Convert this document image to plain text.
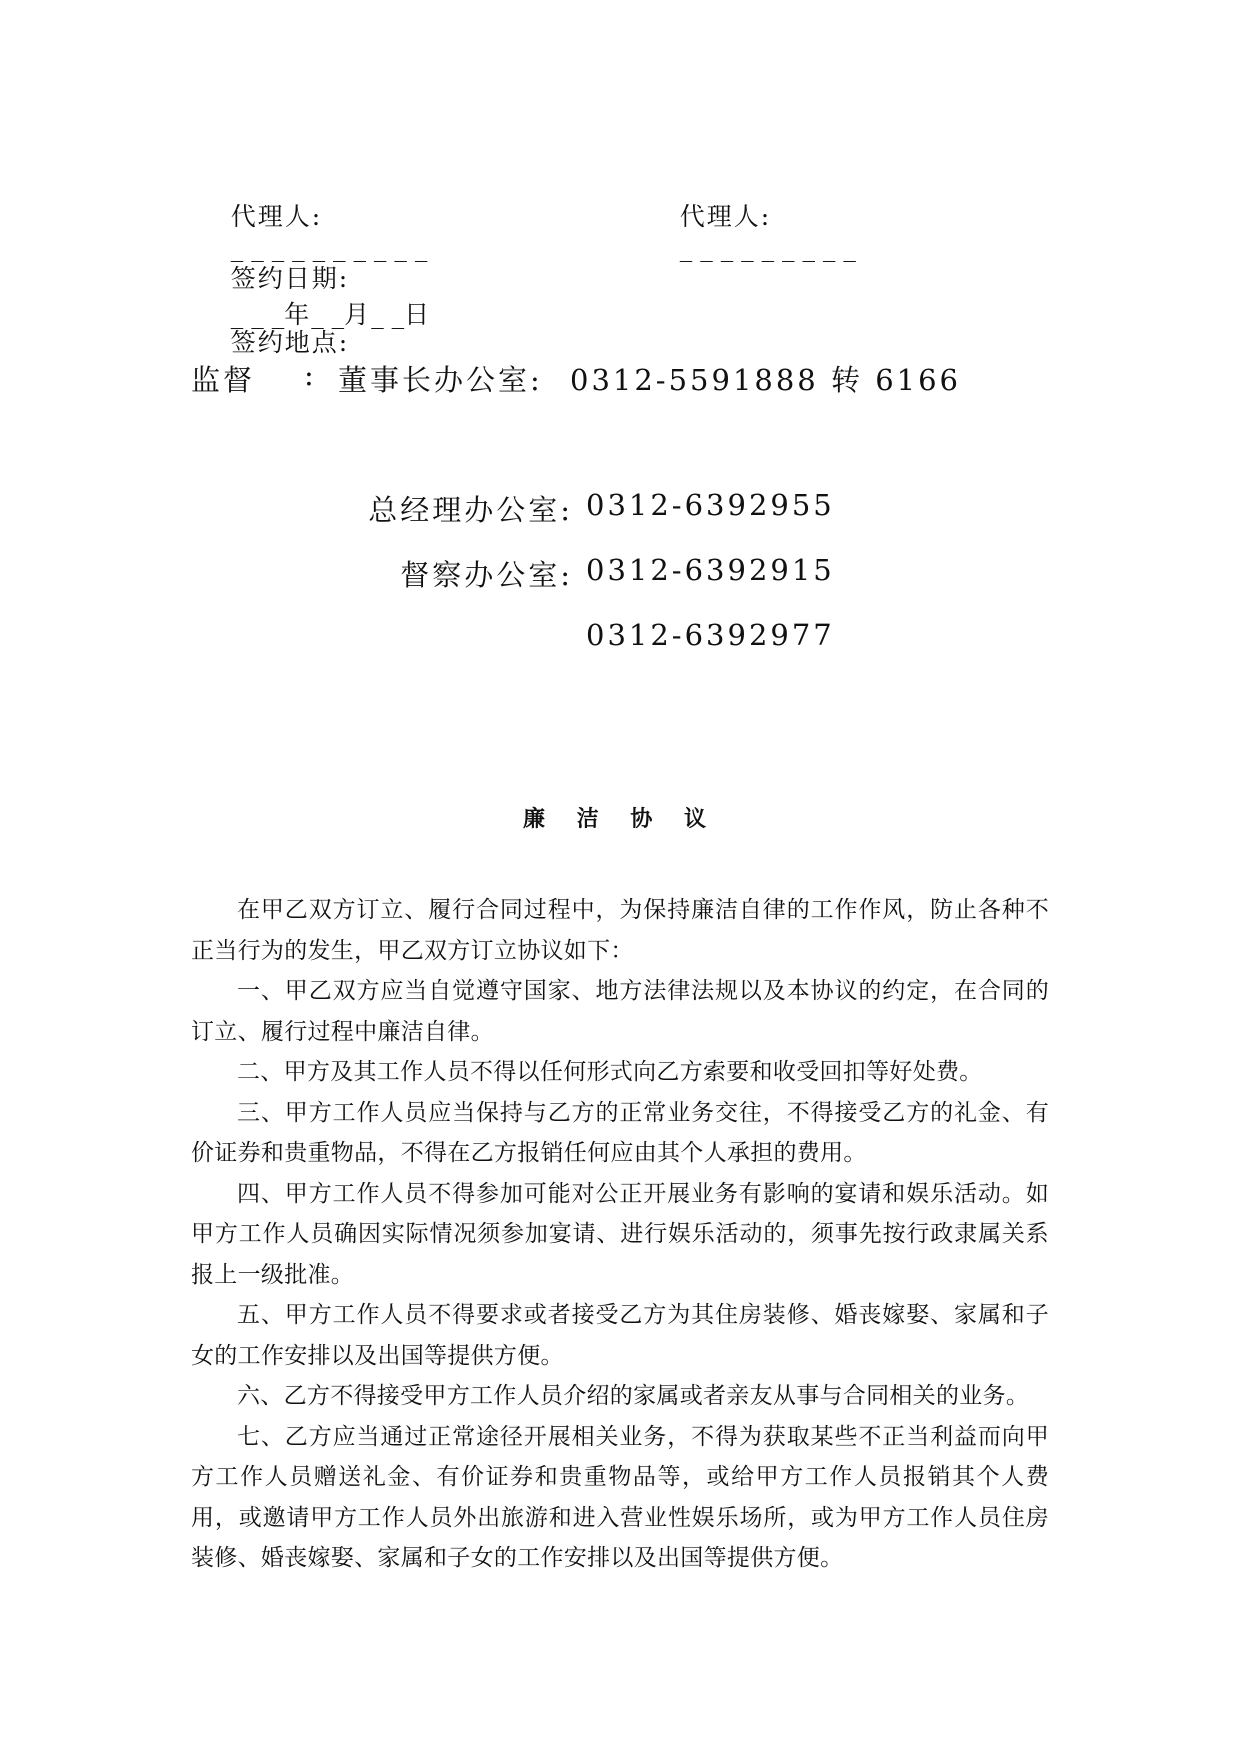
代理人:
_ _ _ _ _ _ _ _ _ _

代理人:
_ _ _ _ _ _ _ _ _

签约日期:
_ _ _年_ _月_ _日

签约地点:

监督 : 董事长办公室: 0312-5591888 转 6166
总经理办公室: 0312-6392955
督察办公室: 0312-6392915
0312-6392977
廉 洁 协 议

在甲乙双方订立、履行合同过程中，为保持廉洁自律的工作作风，防止各种不正当行为的发生，甲乙双方订立协议如下：

一、甲乙双方应当自觉遵守国家、地方法律法规以及本协议的约定，在合同的订立、履行过程中廉洁自律。

二、甲方及其工作人员不得以任何形式向乙方索要和收受回扣等好处费。

三、甲方工作人员应当保持与乙方的正常业务交往，不得接受乙方的礼金、有价证券和贵重物品，不得在乙方报销任何应由其个人承担的费用。

四、甲方工作人员不得参加可能对公正开展业务有影响的宴请和娱乐活动。如甲方工作人员确因实际情况须参加宴请、进行娱乐活动的，须事先按行政隶属关系报上一级批准。

五、甲方工作人员不得要求或者接受乙方为其住房装修、婚丧嫁娶、家属和子女的工作安排以及出国等提供方便。

六、乙方不得接受甲方工作人员介绍的家属或者亲友从事与合同相关的业务。

七、乙方应当通过正常途径开展相关业务，不得为获取某些不正当利益而向甲方工作人员赠送礼金、有价证券和贵重物品等，或给甲方工作人员报销其个人费用，或邀请甲方工作人员外出旅游和进入营业性娱乐场所，或为甲方工作人员住房装修、婚丧嫁娶、家属和子女的工作安排以及出国等提供方便。
